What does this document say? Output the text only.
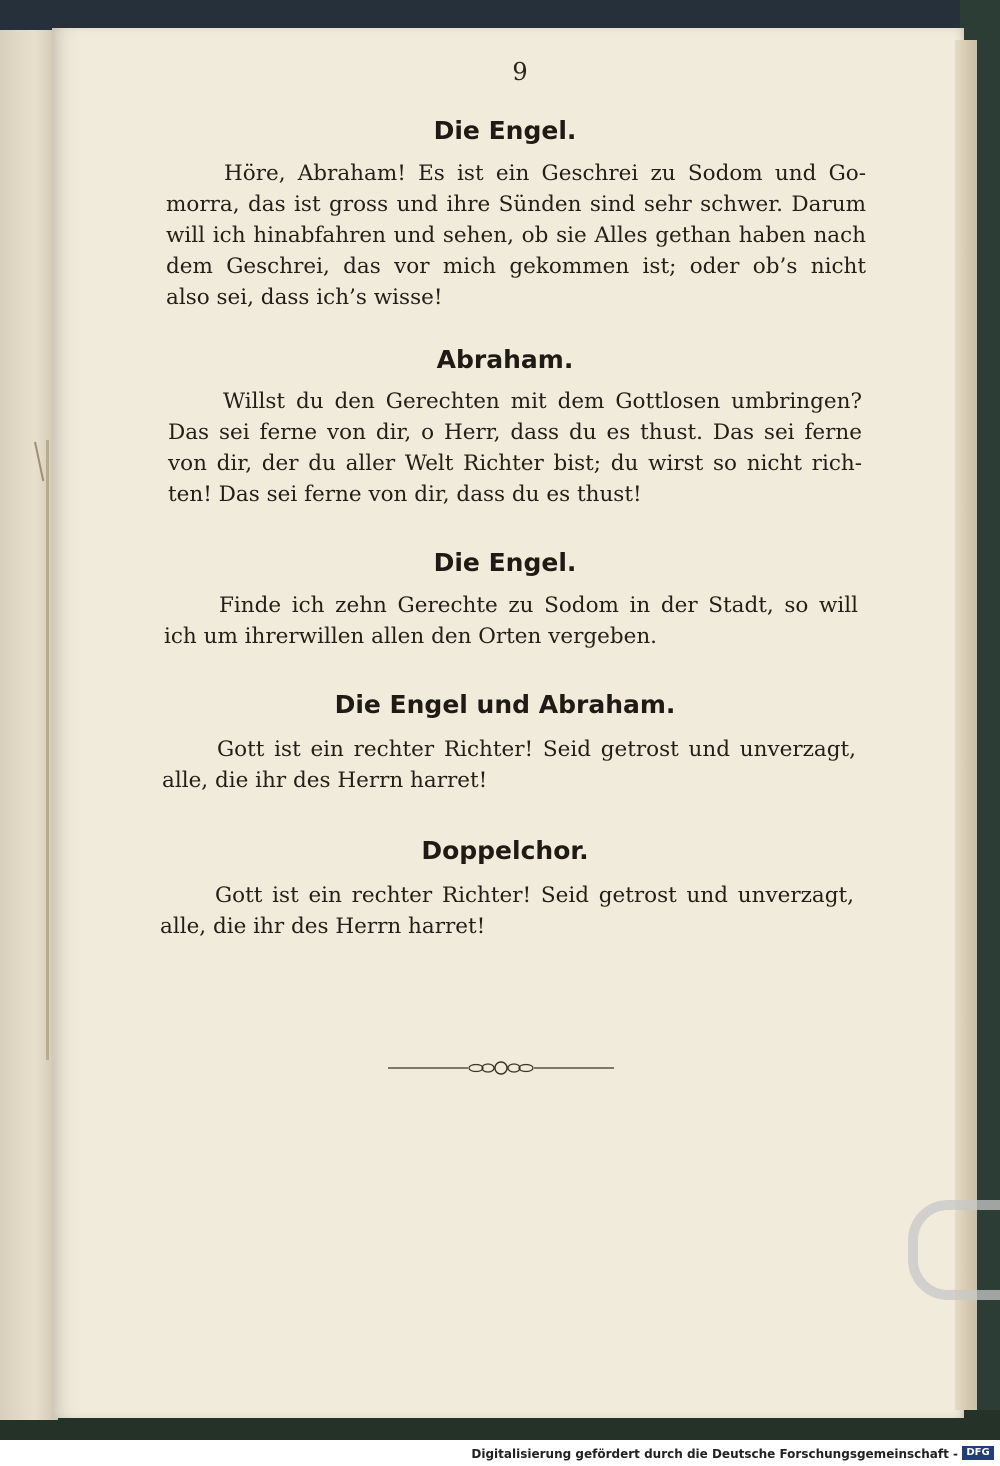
9
Die Engel.
Höre, Abraham! Es ist ein Geschrei zu Sodom und Go-
morra, das ist gross und ihre Sünden sind sehr schwer. Darum
will ich hinabfahren und sehen, ob sie Alles gethan haben nach
dem Geschrei, das vor mich gekommen ist; oder ob’s nicht
also sei, dass ich’s wisse!
Abraham.
Willst du den Gerechten mit dem Gottlosen umbringen?
Das sei ferne von dir, o Herr, dass du es thust. Das sei ferne
von dir, der du aller Welt Richter bist; du wirst so nicht rich-
ten! Das sei ferne von dir, dass du es thust!
Die Engel.
Finde ich zehn Gerechte zu Sodom in der Stadt, so will
ich um ihrerwillen allen den Orten vergeben.
Die Engel und Abraham.
Gott ist ein rechter Richter! Seid getrost und unverzagt,
alle, die ihr des Herrn harret!
Doppelchor.
Gott ist ein rechter Richter! Seid getrost und unverzagt,
alle, die ihr des Herrn harret!
Digitalisierung gefördert durch die Deutsche Forschungsgemeinschaft - DFG
